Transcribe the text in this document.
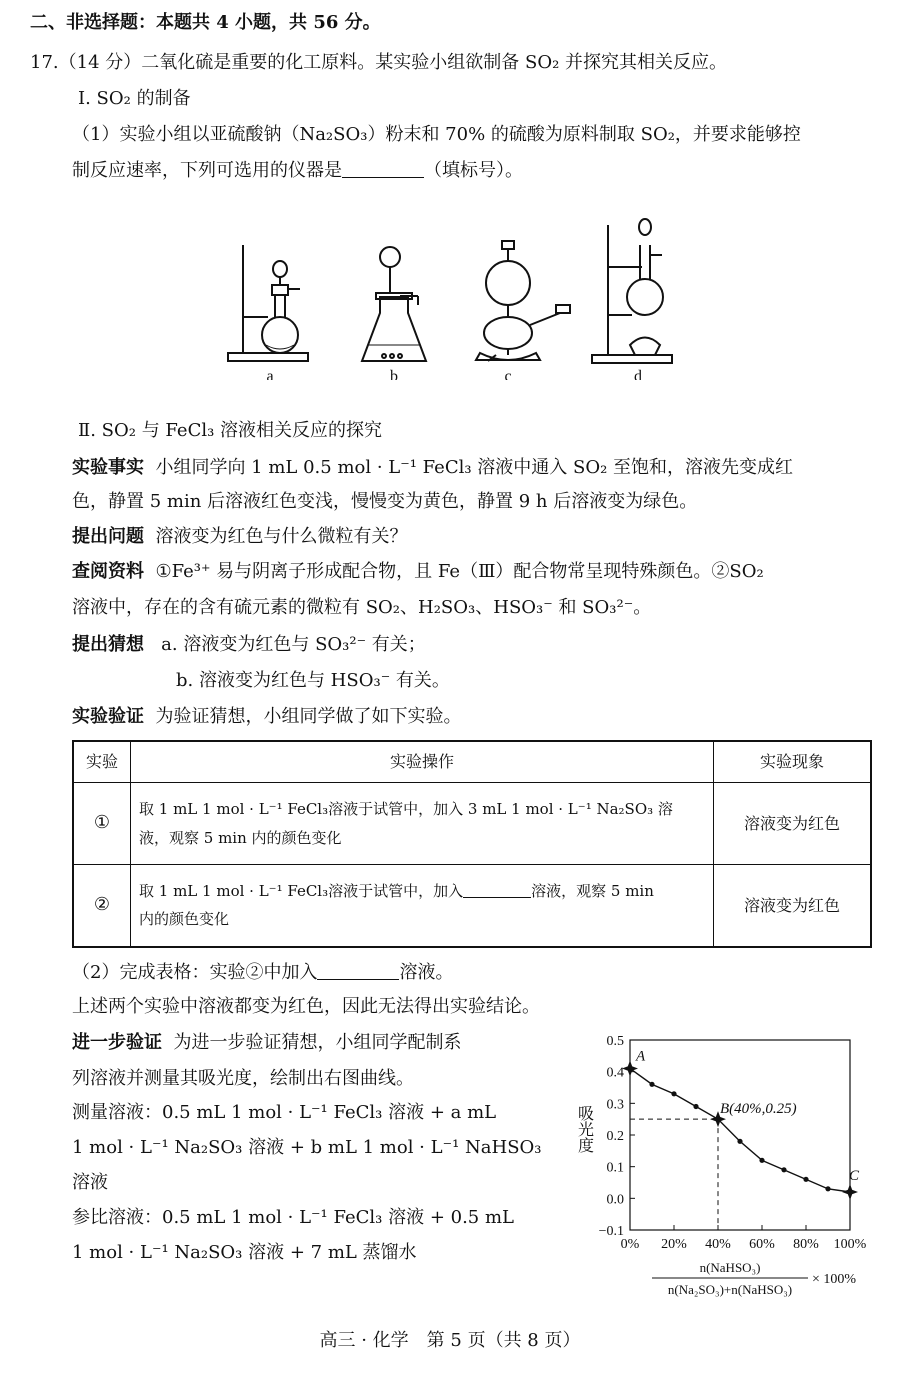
二、非选择题：本题共 4 小题，共 56 分。
17.（14 分）二氧化硫是重要的化工原料。某实验小组欲制备 SO₂ 并探究其相关反应。
Ⅰ. SO₂ 的制备
（1）实验小组以亚硫酸钠（Na₂SO₃）粉末和 70% 的硫酸为原料制取 SO₂，并要求能够控
制反应速率，下列可选用的仪器是	（填标号）。
a	b	c	d
Ⅱ. SO₂ 与 FeCl₃ 溶液相关反应的探究
实验事实 小组同学向 1 mL 0.5 mol · L⁻¹ FeCl₃ 溶液中通入 SO₂ 至饱和，溶液先变成红
色，静置 5 min 后溶液红色变浅，慢慢变为黄色，静置 9 h 后溶液变为绿色。
提出问题 溶液变为红色与什么微粒有关？
查阅资料 ①Fe³⁺ 易与阴离子形成配合物，且 Fe（Ⅲ）配合物常呈现特殊颜色。②SO₂
溶液中，存在的含有硫元素的微粒有 SO₂、H₂SO₃、HSO₃⁻ 和 SO₃²⁻。
提出猜想 a. 溶液变为红色与 SO₃²⁻ 有关；
b. 溶液变为红色与 HSO₃⁻ 有关。
实验验证 为验证猜想，小组同学做了如下实验。
实验	实验操作	实验现象
①	取 1 mL 1 mol · L⁻¹ FeCl₃溶液于试管中，加入 3 mL 1 mol · L⁻¹ Na₂SO₃ 溶
液，观察 5 min 内的颜色变化	溶液变为红色
②	取 1 mL 1 mol · L⁻¹ FeCl₃溶液于试管中，加入 溶液，观察 5 min
内的颜色变化	溶液变为红色
（2）完成表格：实验②中加入	溶液。
上述两个实验中溶液都变为红色，因此无法得出实验结论。
进一步验证 为进一步验证猜想，小组同学配制系
列溶液并测量其吸光度，绘制出右图曲线。
测量溶液：0.5 mL 1 mol · L⁻¹ FeCl₃ 溶液 + a mL
1 mol · L⁻¹ Na₂SO₃ 溶液 + b mL 1 mol · L⁻¹ NaHSO₃
溶液
参比溶液：0.5 mL 1 mol · L⁻¹ FeCl₃ 溶液 + 0.5 mL
1 mol · L⁻¹ Na₂SO₃ 溶液 + 7 mL 蒸馏水
−0.1
0.0
0.1
0.2
0.3
0.4
0.5
0% 20% 40% 60% 80% 100%
吸光度
A
B(40%,0.25)
C
n(NaHSO₃)
n(Na₂SO₃)+n(NaHSO₃)
× 100%
高三 · 化学　第 5 页（共 8 页）
